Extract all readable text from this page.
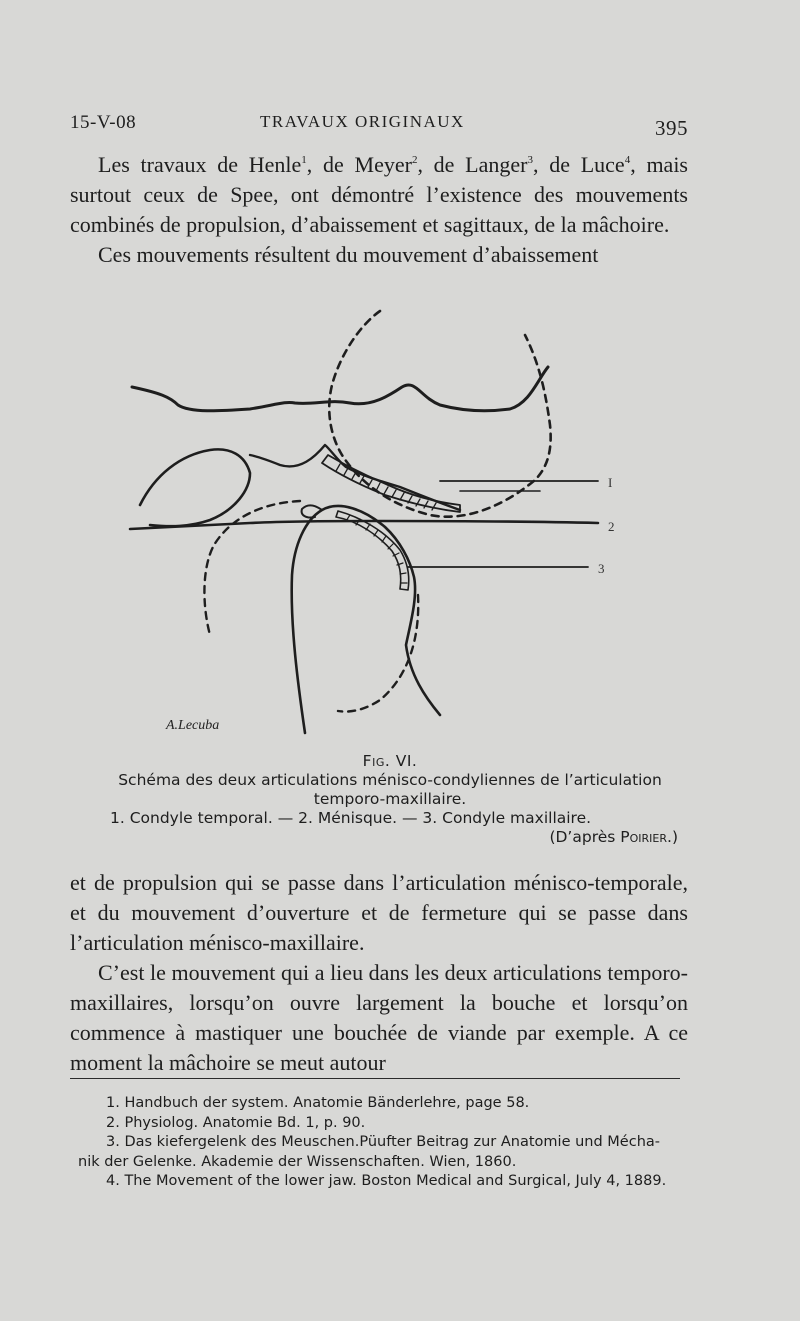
15-V-08	TRAVAUX ORIGINAUX	395

Les travaux de Henle$^1$, de Meyer$^2$, de Langer$^3$, de Luce$^4$, mais surtout ceux de Spee, ont démontré l’existence des mouvements combinés de propulsion, d’abaissement et sagittaux, de la mâchoire.

Ces mouvements résultent du mouvement d’abaissement

I
2
3
A.Lecuba
Fig. VI.
Schéma des deux articulations ménisco-condyliennes de l’articulation temporo-maxillaire.
1. Condyle temporal. — 2. Ménisque. — 3. Condyle maxillaire.
(D’après Poirier.)

et de propulsion qui se passe dans l’articulation ménisco-temporale, et du mouvement d’ouverture et de fermeture qui se passe dans l’articulation ménisco-maxillaire.

C’est le mouvement qui a lieu dans les deux articulations temporo-maxillaires, lorsqu’on ouvre largement la bouche et lorsqu’on commence à mastiquer une bouchée de viande par exemple. A ce moment la mâchoire se meut autour

1. Handbuch der system. Anatomie Bänderlehre, page 58.
2. Physiolog. Anatomie Bd. 1, p. 90.
3. Das kiefergelenk des Meuschen.Püufter Beitrag zur Anatomie und Mécha-
nik der Gelenke. Akademie der Wissenschaften. Wien, 1860.
4. The Movement of the lower jaw. Boston Medical and Surgical, July 4, 1889.
